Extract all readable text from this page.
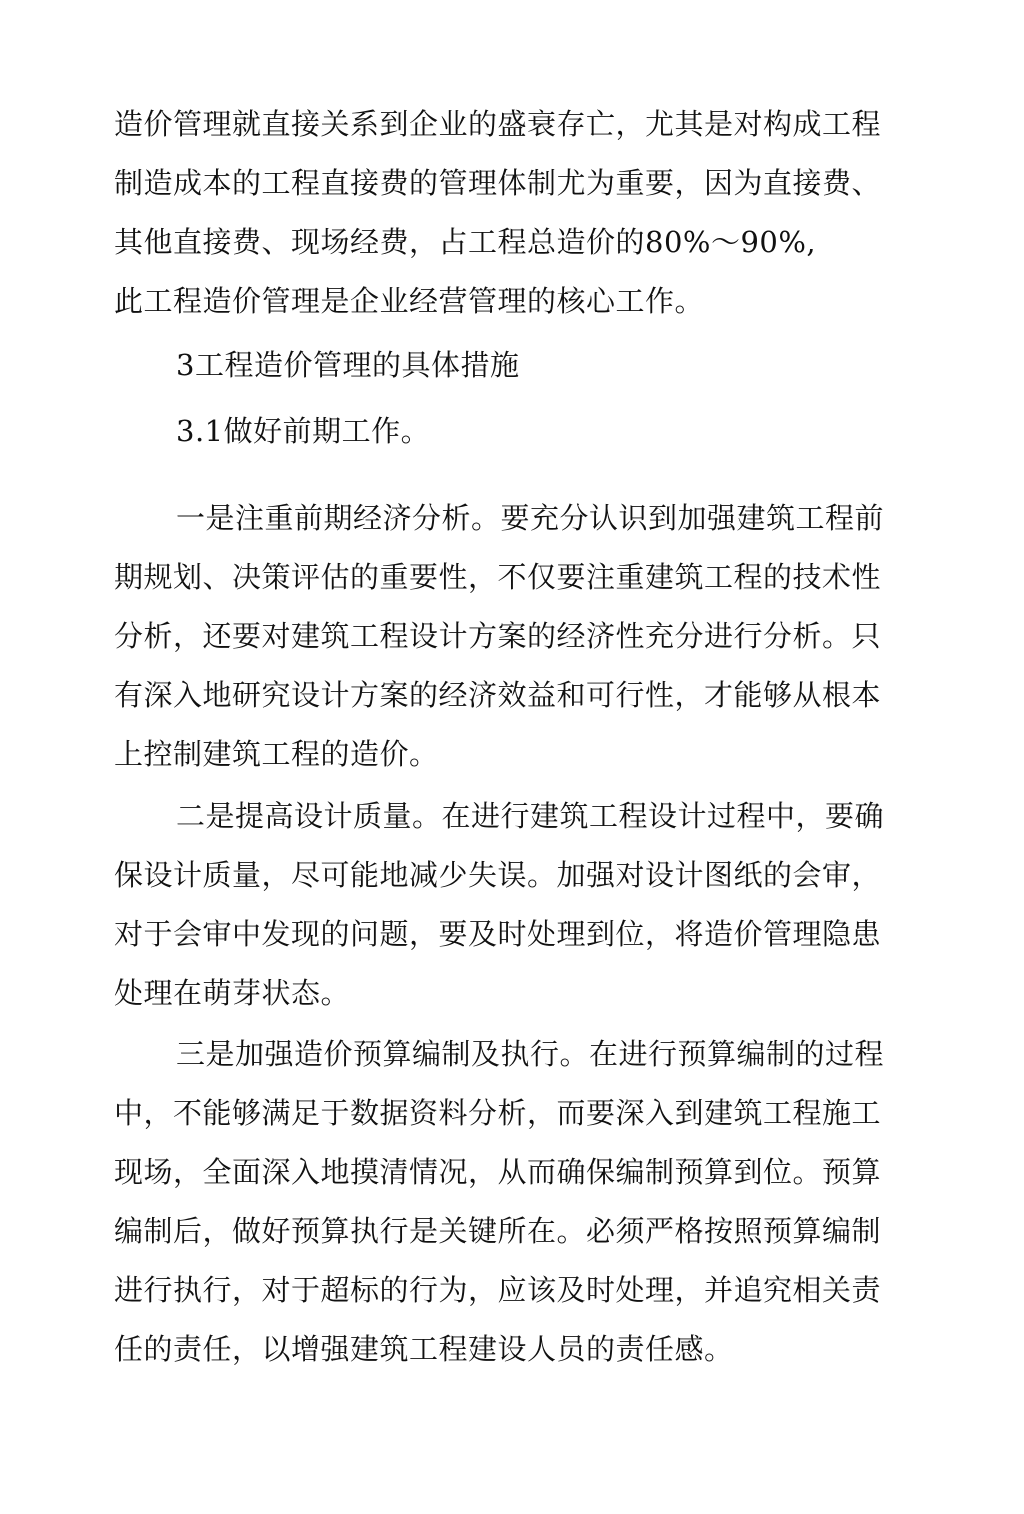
造价管理就直接关系到企业的盛衰存亡，尤其是对构成工程
制造成本的工程直接费的管理体制尤为重要，因为直接费、
其他直接费、现场经费，占工程总造价的80%～90%,
此工程造价管理是企业经营管理的核心工作。
3工程造价管理的具体措施
3.1做好前期工作。
一是注重前期经济分析。要充分认识到加强建筑工程前
期规划、决策评估的重要性，不仅要注重建筑工程的技术性
分析，还要对建筑工程设计方案的经济性充分进行分析。只
有深入地研究设计方案的经济效益和可行性，才能够从根本
上控制建筑工程的造价。
二是提高设计质量。在进行建筑工程设计过程中，要确
保设计质量，尽可能地减少失误。加强对设计图纸的会审，
对于会审中发现的问题，要及时处理到位，将造价管理隐患
处理在萌芽状态。
三是加强造价预算编制及执行。在进行预算编制的过程
中，不能够满足于数据资料分析，而要深入到建筑工程施工
现场，全面深入地摸清情况，从而确保编制预算到位。预算
编制后，做好预算执行是关键所在。必须严格按照预算编制
进行执行，对于超标的行为，应该及时处理，并追究相关责
任的责任，以增强建筑工程建设人员的责任感。
